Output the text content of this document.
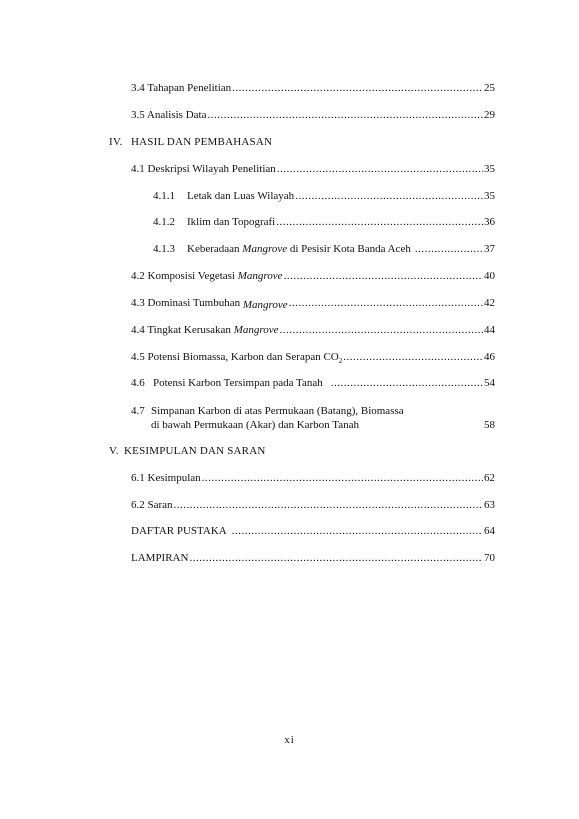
3.4 Tahapan Penelitian .....	25
3.5 Analisis Data .....	29
IV. HASIL DAN PEMBAHASAN
4.1 Deskripsi Wilayah Penelitian .....	35
4.1.1 Letak dan Luas Wilayah .....	35
4.1.2 Iklim dan Topografi .....	36
4.1.3 Keberadaan Mangrove di Pesisir Kota Banda Aceh .....	37
4.2 Komposisi Vegetasi Mangrove .....	40
4.3 Dominasi Tumbuhan Mangrove .....	42
4.4 Tingkat Kerusakan Mangrove .....	44
4.5 Potensi Biomassa, Karbon dan Serapan $CO_2$ .....	46
4.6 Potensi Karbon Tersimpan pada Tanah .....	54
4.7 Simpanan Karbon di atas Permukaan (Batang), Biomassa
di bawah Permukaan (Akar) dan Karbon Tanah	58
V. KESIMPULAN DAN SARAN
6.1 Kesimpulan .....	62
6.2 Saran .....	63
DAFTAR PUSTAKA .....	64
LAMPIRAN .....	70
xi
